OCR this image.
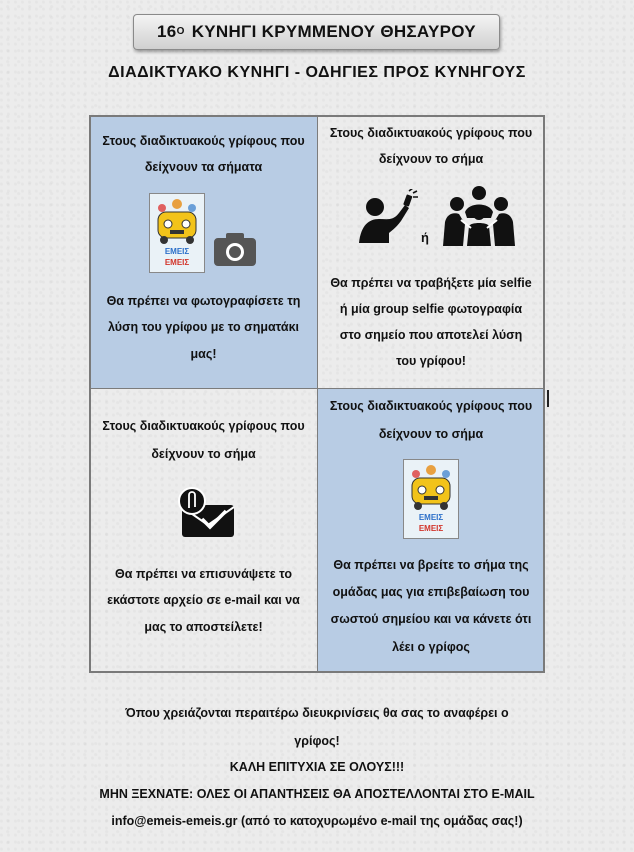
$16^O$
ΚΥΝΗΓΙ ΚΡΥΜΜΕΝΟΥ ΘΗΣΑΥΡΟΥ
ΔΙΑΔΙΚΤΥΑΚΟ ΚΥΝΗΓΙ - ΟΔΗΓΙΕΣ ΠΡΟΣ ΚΥΝΗΓΟΥΣ
Στους διαδικτυακούς γρίφους που
δείχνουν τα σήματα
ΕΜΕΙΣ
ΕΜΕΙΣ
Θα πρέπει να φωτογραφίσετε τη
λύση του γρίφου με το σηματάκι
μας!
Στους διαδικτυακούς γρίφους που
δείχνουν το σήμα
ή
Θα πρέπει να τραβήξετε μία selfie
ή μία group selfie φωτογραφία
στο σημείο που αποτελεί λύση
του γρίφου!
Στους διαδικτυακούς γρίφους που
δείχνουν το σήμα
Θα πρέπει να επισυνάψετε το
εκάστοτε αρχείο σε e-mail και να
μας το αποστείλετε!
Στους διαδικτυακούς γρίφους που
δείχνουν το σήμα
ΕΜΕΙΣ
ΕΜΕΙΣ
Θα πρέπει να βρείτε το σήμα της
ομάδας μας για επιβεβαίωση του
σωστού σημείου και να κάνετε ότι
λέει ο γρίφος
Όπου χρειάζονται περαιτέρω διευκρινίσεις θα σας το αναφέρει ο
γρίφος!
ΚΑΛΗ ΕΠΙΤΥΧΙΑ ΣΕ ΟΛΟΥΣ!!!
ΜΗΝ ΞΕΧΝΑΤΕ: ΟΛΕΣ ΟΙ ΑΠΑΝΤΗΣΕΙΣ ΘΑ ΑΠΟΣΤΕΛΛΟΝΤΑΙ ΣΤΟ E-MAIL
info@emeis-emeis.gr (από το κατοχυρωμένο e-mail της ομάδας σας!)
